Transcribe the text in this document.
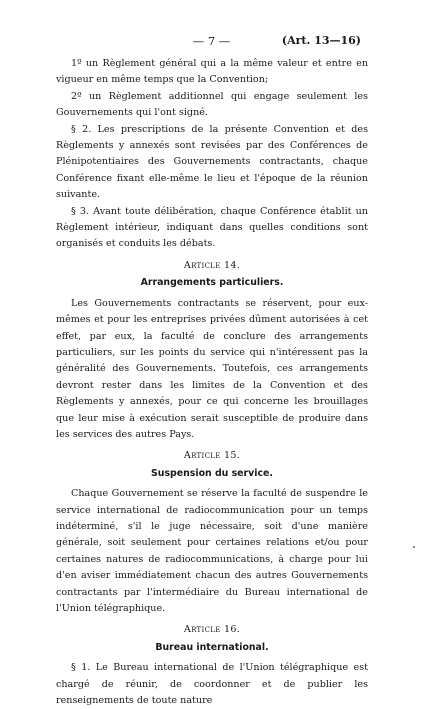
— 7 —	(Art. 13—16)

1º un Règlement général qui a la même valeur et entre en vigueur en même temps que la Convention;

2º un Règlement additionnel qui engage seulement les Gouvernements qui l'ont signé.

§ 2. Les prescriptions de la présente Convention et des Règlements y annexés sont revisées par des Conférences de Plénipotentiaires des Gouvernements contractants, chaque Conférence fixant elle-même le lieu et l'époque de la réunion suivante.

§ 3. Avant toute délibération, chaque Conférence établit un Règlement intérieur, indiquant dans quelles conditions sont organisés et conduits les débats.

Article 14.
Arrangements particuliers.

Les Gouvernements contractants se réservent, pour eux-mêmes et pour les entreprises privées dûment autorisées à cet effet, par eux, la faculté de conclure des arrangements particuliers, sur les points du service qui n'intéressent pas la généralité des Gouvernements. Toutefois, ces arrangements devront rester dans les limites de la Convention et des Règlements y annexés, pour ce qui concerne les brouillages que leur mise à exécution serait susceptible de produire dans les services des autres Pays.

Article 15.
Suspension du service.

Chaque Gouvernement se réserve la faculté de suspendre le service international de radiocommunication pour un temps indéterminé, s'il le juge nécessaire, soit d'une manière générale, soit seulement pour certaines relations et/ou pour certaines natures de radiocommunications, à charge pour lui d'en aviser immédiatement chacun des autres Gouvernements contractants par l'intermédiaire du Bureau international de l'Union télégraphique.

Article 16.
Bureau international.

§ 1. Le Bureau international de l'Union télégraphique est chargé de réunir, de coordonner et de publier les renseignements de toute nature
